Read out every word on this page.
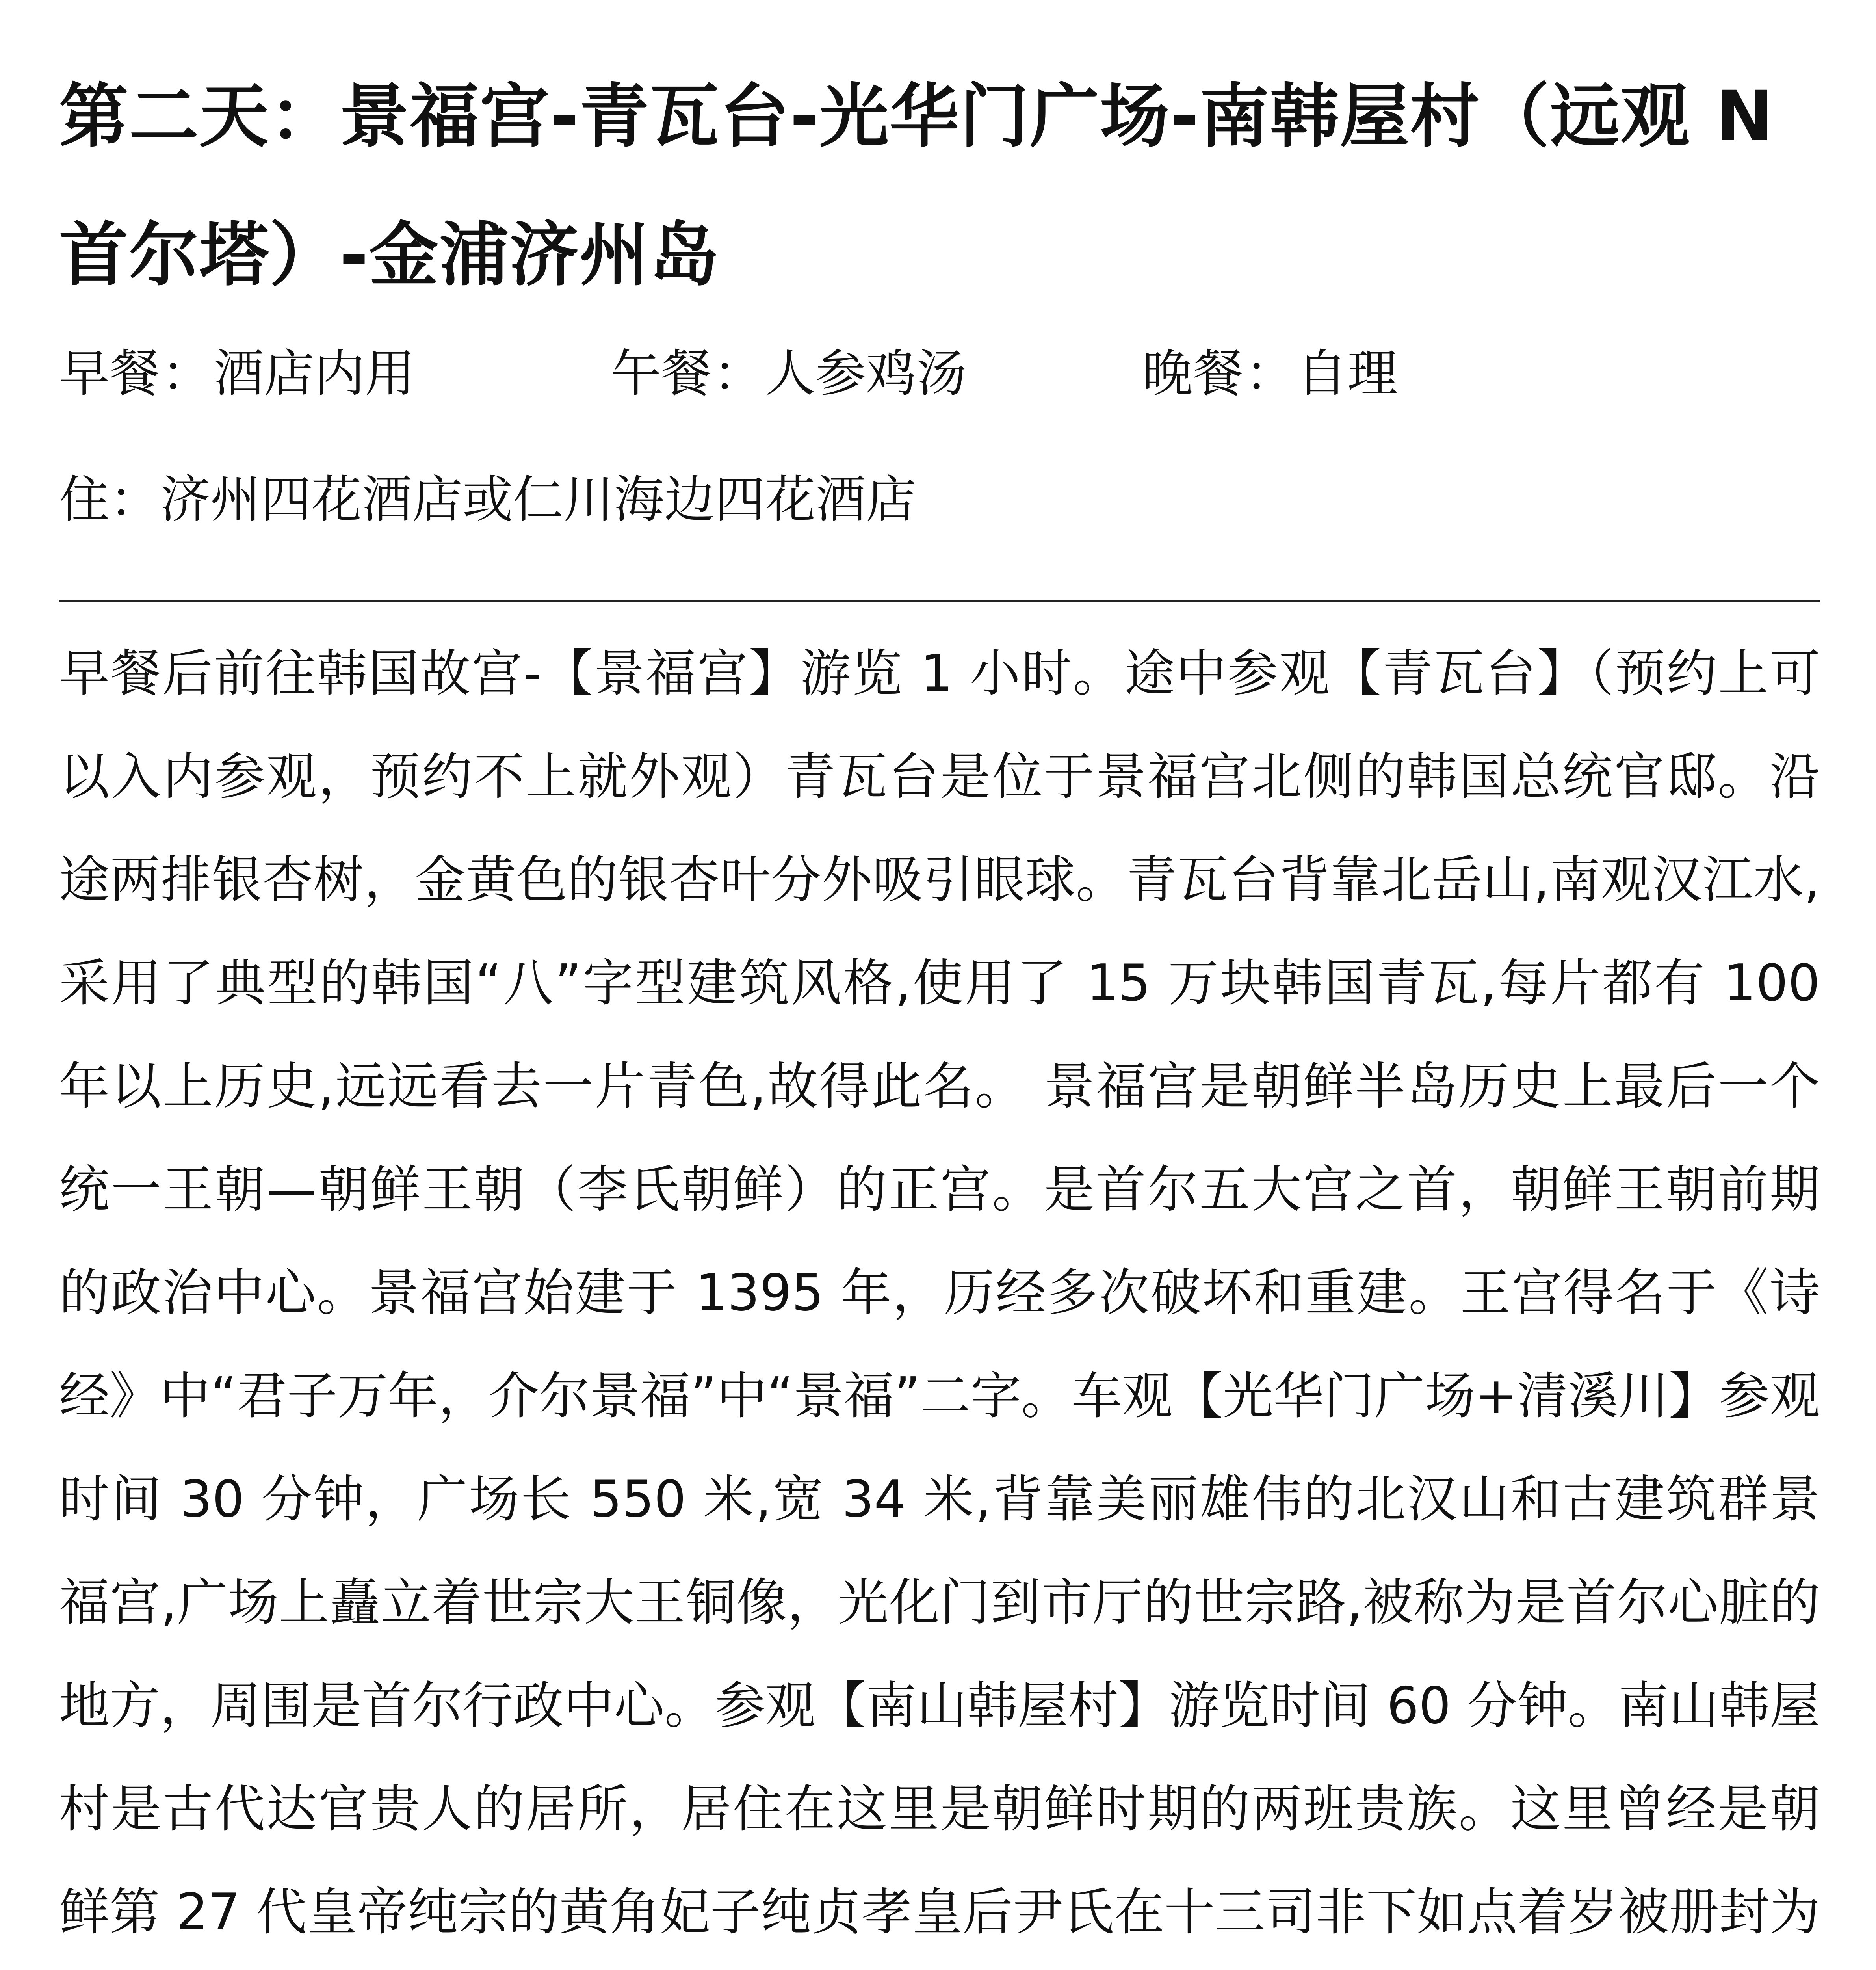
第二天：景福宫-青瓦台-光华门广场-南韩屋村（远观 N 首尔塔）-金浦济州岛
早餐：酒店内用	午餐：人参鸡汤	晚餐：自理
住：济州四花酒店或仁川海边四花酒店

早餐后前往韩国故宫-【景福宫】游览 1 小时。途中参观【青瓦台】（预约上可以入内参观，预约不上就外观）青瓦台是位于景福宫北侧的韩国总统官邸。沿途两排银杏树，金黄色的银杏叶分外吸引眼球。青瓦台背靠北岳山,南观汉江水,采用了典型的韩国“八”字型建筑风格,使用了 15 万块韩国青瓦,每片都有 100 年以上历史,远远看去一片青色,故得此名。 景福宫是朝鲜半岛历史上最后一个统一王朝—朝鲜王朝（李氏朝鲜）的正宫。是首尔五大宫之首，朝鲜王朝前期的政治中心。景福宫始建于 1395 年，历经多次破坏和重建。王宫得名于《诗经》中“君子万年，介尔景福”中“景福”二字。车观【光华门广场+清溪川】参观时间 30 分钟，广场长 550 米,宽 34 米,背靠美丽雄伟的北汉山和古建筑群景福宫,广场上矗立着世宗大王铜像，光化门到市厅的世宗路,被称为是首尔心脏的地方，周围是首尔行政中心。参观【南山韩屋村】游览时间 60 分钟。南山韩屋村是古代达官贵人的居所，居住在这里是朝鲜时期的两班贵族。这里曾经是朝鲜第 27 代皇帝纯宗的黄角妃子纯贞孝皇后尹氏在十三司非下如点着岁被册封为
